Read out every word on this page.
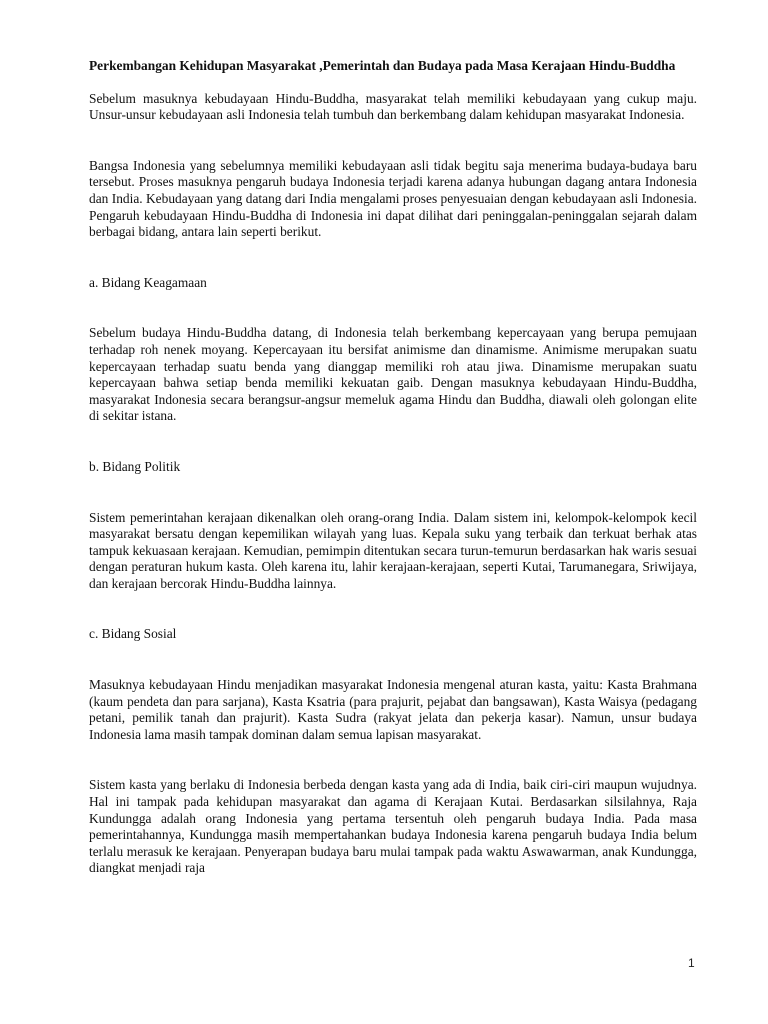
Perkembangan Kehidupan Masyarakat ,Pemerintah dan Budaya pada Masa Kerajaan Hindu-Buddha

Sebelum masuknya kebudayaan Hindu-Buddha, masyarakat telah memiliki kebudayaan yang cukup maju. Unsur-unsur kebudayaan asli Indonesia telah tumbuh dan berkembang dalam kehidupan masyarakat Indonesia.

Bangsa Indonesia yang sebelumnya memiliki kebudayaan asli tidak begitu saja menerima budaya-budaya baru tersebut. Proses masuknya pengaruh budaya Indonesia terjadi karena adanya hubungan dagang antara Indonesia dan India. Kebudayaan yang datang dari India mengalami proses penyesuaian dengan kebudayaan asli Indonesia. Pengaruh kebudayaan Hindu-Buddha di Indonesia ini dapat dilihat dari peninggalan-peninggalan sejarah dalam berbagai bidang, antara lain seperti berikut.

a. Bidang Keagamaan

Sebelum budaya Hindu-Buddha datang, di Indonesia telah berkembang kepercayaan yang berupa pemujaan terhadap roh nenek moyang. Kepercayaan itu bersifat animisme dan dinamisme. Animisme merupakan suatu kepercayaan terhadap suatu benda yang dianggap memiliki roh atau jiwa. Dinamisme merupakan suatu kepercayaan bahwa setiap benda memiliki kekuatan gaib. Dengan masuknya kebudayaan Hindu-Buddha, masyarakat Indonesia secara berangsur-angsur memeluk agama Hindu dan Buddha, diawali oleh golongan elite di sekitar istana.

b. Bidang Politik

Sistem pemerintahan kerajaan dikenalkan oleh orang-orang India. Dalam sistem ini, kelompok-kelompok kecil masyarakat bersatu dengan kepemilikan wilayah yang luas. Kepala suku yang terbaik dan terkuat berhak atas tampuk kekuasaan kerajaan. Kemudian, pemimpin ditentukan secara turun-temurun berdasarkan hak waris sesuai dengan peraturan hukum kasta. Oleh karena itu, lahir kerajaan-kerajaan, seperti Kutai, Tarumanegara, Sriwijaya, dan kerajaan bercorak Hindu-Buddha lainnya.

c. Bidang Sosial

Masuknya kebudayaan Hindu menjadikan masyarakat Indonesia mengenal aturan kasta, yaitu: Kasta Brahmana (kaum pendeta dan para sarjana), Kasta Ksatria (para prajurit, pejabat dan bangsawan), Kasta Waisya (pedagang petani, pemilik tanah dan prajurit). Kasta Sudra (rakyat jelata dan pekerja kasar). Namun, unsur budaya Indonesia lama masih tampak dominan dalam semua lapisan masyarakat.

Sistem kasta yang berlaku di Indonesia berbeda dengan kasta yang ada di India, baik ciri-ciri maupun wujudnya. Hal ini tampak pada kehidupan masyarakat dan agama di Kerajaan Kutai. Berdasarkan silsilahnya, Raja Kundungga adalah orang Indonesia yang pertama tersentuh oleh pengaruh budaya India. Pada masa pemerintahannya, Kundungga masih mempertahankan budaya Indonesia karena pengaruh budaya India belum terlalu merasuk ke kerajaan. Penyerapan budaya baru mulai tampak pada waktu Aswawarman, anak Kundungga, diangkat menjadi raja

1
